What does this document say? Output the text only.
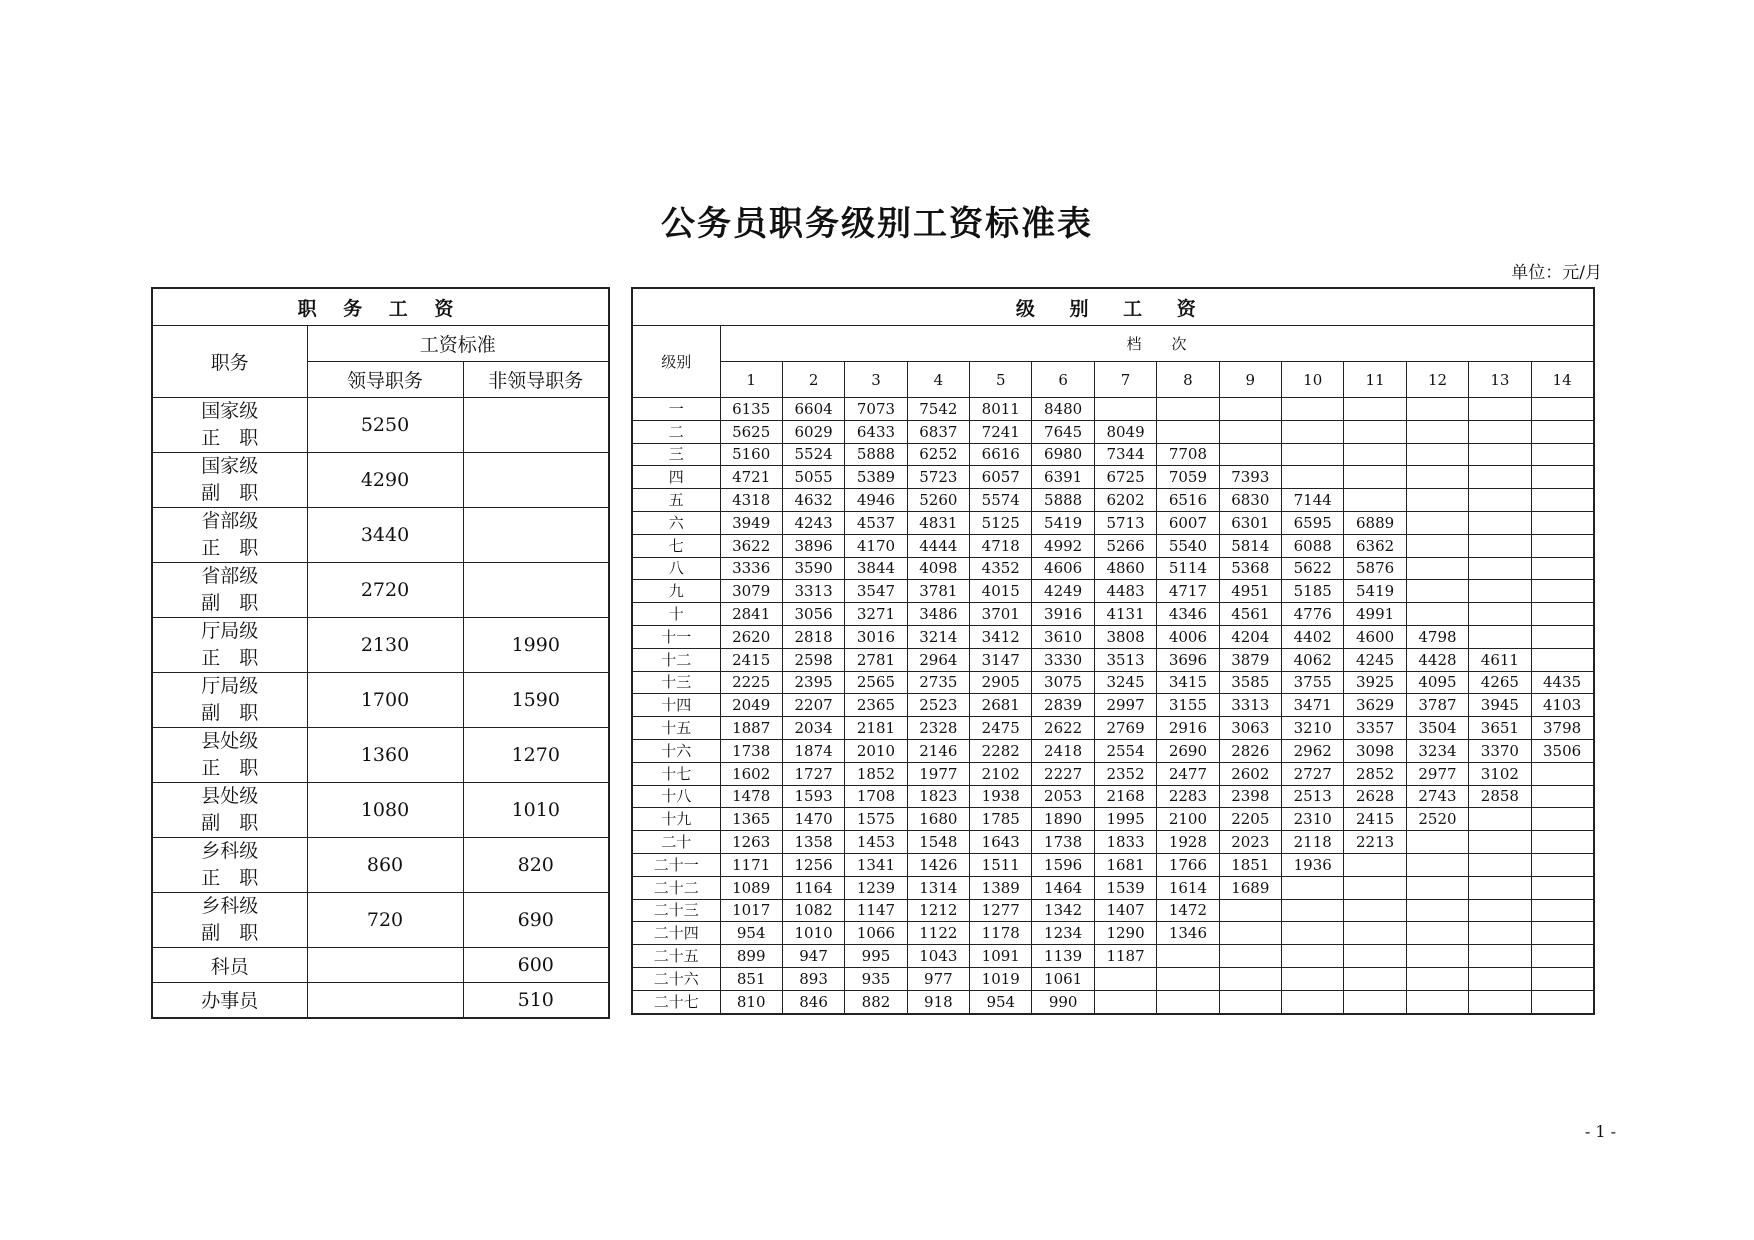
公务员职务级别工资标准表
单位：元/月
职 务 工 资		
职务	工资标准	
	领导职务	非领导职务

国家级
正　职	5250	

国家级
副　职	4290	

省部级
正　职	3440	

省部级
副　职	2720	

厅局级
正　职	2130	1990

厅局级
副　职	1700	1590

县处级
正　职	1360	1270

县处级
副　职	1080	1010

乡科级
正　职	860	820

乡科级
副　职	720	690
科员		600
办事员		510
级 别 工 资														
级别	档　　次													
	1	2	3	4	5	6	7	8	9	10	11	12	13	14
一	6135	6604	7073	7542	8011	8480								
二	5625	6029	6433	6837	7241	7645	8049							
三	5160	5524	5888	6252	6616	6980	7344	7708						
四	4721	5055	5389	5723	6057	6391	6725	7059	7393					
五	4318	4632	4946	5260	5574	5888	6202	6516	6830	7144				
六	3949	4243	4537	4831	5125	5419	5713	6007	6301	6595	6889			
七	3622	3896	4170	4444	4718	4992	5266	5540	5814	6088	6362			
八	3336	3590	3844	4098	4352	4606	4860	5114	5368	5622	5876			
九	3079	3313	3547	3781	4015	4249	4483	4717	4951	5185	5419			
十	2841	3056	3271	3486	3701	3916	4131	4346	4561	4776	4991			
十一	2620	2818	3016	3214	3412	3610	3808	4006	4204	4402	4600	4798		
十二	2415	2598	2781	2964	3147	3330	3513	3696	3879	4062	4245	4428	4611	
十三	2225	2395	2565	2735	2905	3075	3245	3415	3585	3755	3925	4095	4265	4435
十四	2049	2207	2365	2523	2681	2839	2997	3155	3313	3471	3629	3787	3945	4103
十五	1887	2034	2181	2328	2475	2622	2769	2916	3063	3210	3357	3504	3651	3798
十六	1738	1874	2010	2146	2282	2418	2554	2690	2826	2962	3098	3234	3370	3506
十七	1602	1727	1852	1977	2102	2227	2352	2477	2602	2727	2852	2977	3102	
十八	1478	1593	1708	1823	1938	2053	2168	2283	2398	2513	2628	2743	2858	
十九	1365	1470	1575	1680	1785	1890	1995	2100	2205	2310	2415	2520		
二十	1263	1358	1453	1548	1643	1738	1833	1928	2023	2118	2213			
二十一	1171	1256	1341	1426	1511	1596	1681	1766	1851	1936				
二十二	1089	1164	1239	1314	1389	1464	1539	1614	1689					
二十三	1017	1082	1147	1212	1277	1342	1407	1472						
二十四	954	1010	1066	1122	1178	1234	1290	1346						
二十五	899	947	995	1043	1091	1139	1187							
二十六	851	893	935	977	1019	1061								
二十七	810	846	882	918	954	990								
- 1 -
